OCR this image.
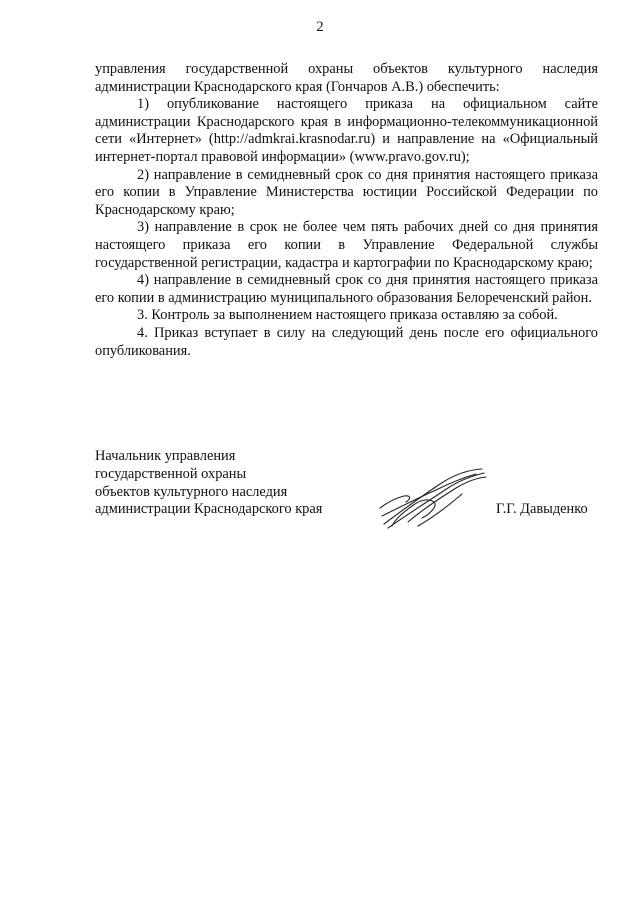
2

управления государственной охраны объектов культурного наследия администрации Краснодарского края (Гончаров А.В.) обеспечить:

1) опубликование настоящего приказа на официальном сайте администрации Краснодарского края в информационно-телекоммуникационной сети «Интернет» (http://admkrai.krasnodar.ru) и направление на «Официальный интернет-портал правовой информации» (www.pravo.gov.ru);

2) направление в семидневный срок со дня принятия настоящего приказа его копии в Управление Министерства юстиции Российской Федерации по Краснодарскому краю;

3) направление в срок не более чем пять рабочих дней со дня принятия настоящего приказа его копии в Управление Федеральной службы государственной регистрации, кадастра и картографии по Краснодарскому краю;

4) направление в семидневный срок со дня принятия настоящего приказа его копии в администрацию муниципального образования Белореченский район.

3. Контроль за выполнением настоящего приказа оставляю за собой.

4. Приказ вступает в силу на следующий день после его официального опубликования.

Начальник управления
государственной охраны
объектов культурного наследия
администрации Краснодарского края	Г.Г. Давыденко
